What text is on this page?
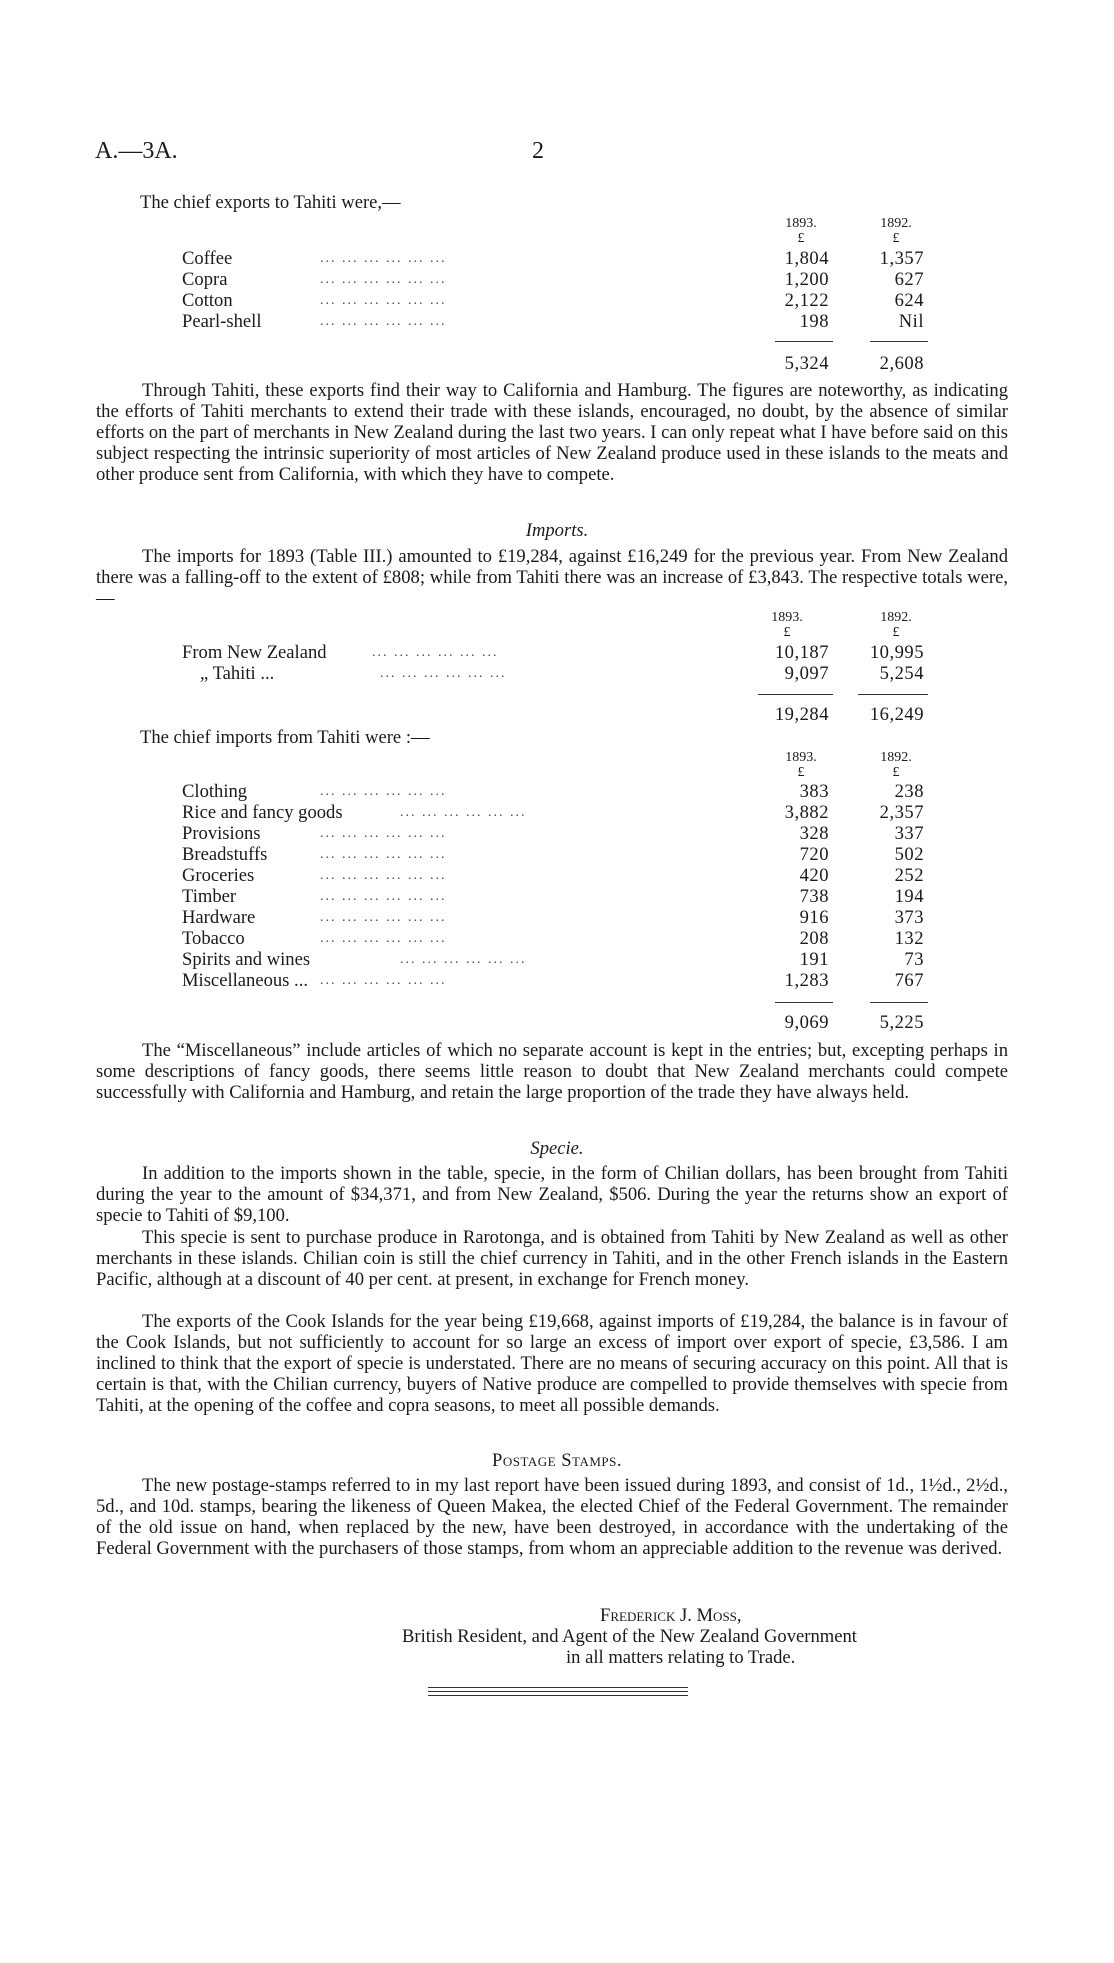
A.—3A.	2

The chief exports to Tahiti were,—

1893.
£
1892.
£
Coffee	... ... ... ... ... ...	1,804	1,357
Copra	... ... ... ... ... ...	1,200	627
Cotton	... ... ... ... ... ...	2,122	624
Pearl-shell	... ... ... ... ... ...	198	Nil
5,324	2,608

Through Tahiti, these exports find their way to California and Hamburg. The figures are noteworthy, as indicating the efforts of Tahiti merchants to extend their trade with these islands, encouraged, no doubt, by the absence of similar efforts on the part of merchants in New Zealand during the last two years. I can only repeat what I have before said on this subject respecting the intrinsic superiority of most articles of New Zealand produce used in these islands to the meats and other produce sent from California, with which they have to compete.

Imports.

The imports for 1893 (Table III.) amounted to £19,284, against £16,249 for the previous year. From New Zealand there was a falling-off to the extent of £808; while from Tahiti there was an increase of £3,843. The respective totals were,—

1893.
£
1892.
£
From New Zealand	... ... ... ... ... ...	10,187 10,995
„ Tahiti ...	... ... ... ... ... ...	9,097	5,254
19,284 16,249

The chief imports from Tahiti were :—

1893.
£
1892.
£
Clothing	... ... ... ... ... ...	383	238
Rice and fancy goods	... ... ... ... ... ...	3,882	2,357
Provisions	... ... ... ... ... ...	328	337
Breadstuffs	... ... ... ... ... ...	720	502
Groceries	... ... ... ... ... ...	420	252
Timber	... ... ... ... ... ...	738	194
Hardware	... ... ... ... ... ...	916	373
Tobacco	... ... ... ... ... ...	208	132
Spirits and wines	... ... ... ... ... ...	191	73
Miscellaneous ... ... ... ... ... ... ...	1,283	767
9,069	5,225

The “Miscellaneous” include articles of which no separate account is kept in the entries; but, excepting perhaps in some descriptions of fancy goods, there seems little reason to doubt that New Zealand merchants could compete successfully with California and Hamburg, and retain the large proportion of the trade they have always held.

Specie.

In addition to the imports shown in the table, specie, in the form of Chilian dollars, has been brought from Tahiti during the year to the amount of $34,371, and from New Zealand, $506. During the year the returns show an export of specie to Tahiti of $9,100.

This specie is sent to purchase produce in Rarotonga, and is obtained from Tahiti by New Zealand as well as other merchants in these islands. Chilian coin is still the chief currency in Tahiti, and in the other French islands in the Eastern Pacific, although at a discount of 40 per cent. at present, in exchange for French money.

The exports of the Cook Islands for the year being £19,668, against imports of £19,284, the balance is in favour of the Cook Islands, but not sufficiently to account for so large an excess of import over export of specie, £3,586. I am inclined to think that the export of specie is understated. There are no means of securing accuracy on this point. All that is certain is that, with the Chilian currency, buyers of Native produce are compelled to provide themselves with specie from Tahiti, at the opening of the coffee and copra seasons, to meet all possible demands.

Postage Stamps.

The new postage-stamps referred to in my last report have been issued during 1893, and consist of 1d., 1½d., 2½d., 5d., and 10d. stamps, bearing the likeness of Queen Makea, the elected Chief of the Federal Government. The remainder of the old issue on hand, when replaced by the new, have been destroyed, in accordance with the undertaking of the Federal Government with the purchasers of those stamps, from whom an appreciable addition to the revenue was derived.

Frederick J. Moss,
British Resident, and Agent of the New Zealand Government
in all matters relating to Trade.
